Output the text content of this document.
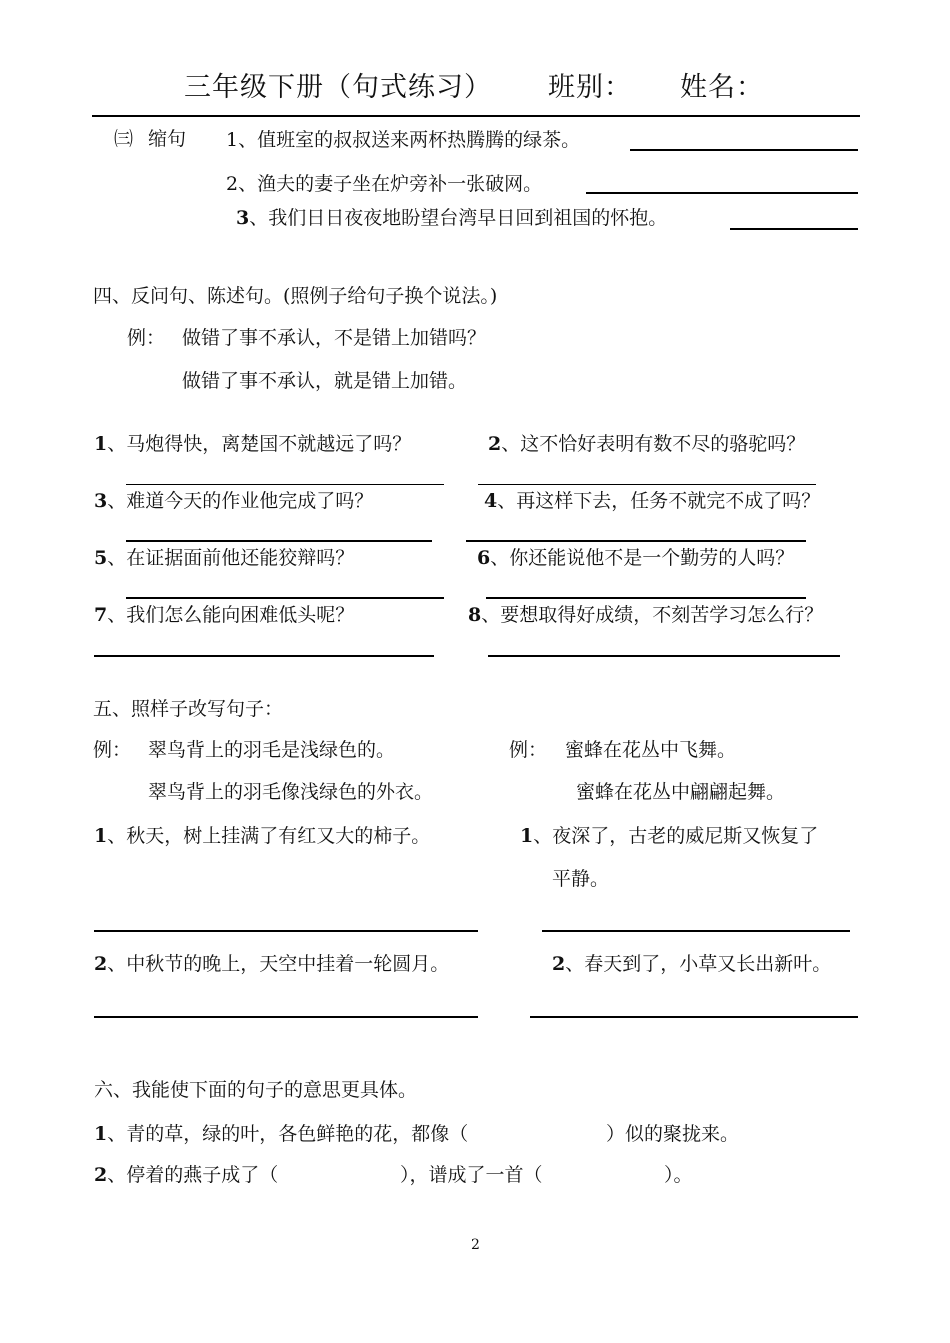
三年级下册（句式练习） 班别： 姓名：
㈢ 缩句 1、值班室的叔叔送来两杯热腾腾的绿茶。
2、渔夫的妻子坐在炉旁补一张破网。
3、我们日日夜夜地盼望台湾早日回到祖国的怀抱。
四、反问句、陈述句。(照例子给句子换个说法。)
例： 做错了事不承认，不是错上加错吗？
做错了事不承认，就是错上加错。
1、马炮得快，离楚国不就越远了吗？	2、这不恰好表明有数不尽的骆驼吗？
3、难道今天的作业他完成了吗？	4、再这样下去，任务不就完不成了吗？
5、在证据面前他还能狡辩吗？	6、你还能说他不是一个勤劳的人吗？
7、我们怎么能向困难低头呢？	8、要想取得好成绩，不刻苦学习怎么行？
五、照样子改写句子：
例： 翠鸟背上的羽毛是浅绿色的。	例： 蜜蜂在花丛中飞舞。
翠鸟背上的羽毛像浅绿色的外衣。	蜜蜂在花丛中翩翩起舞。
1、秋天，树上挂满了有红又大的柿子。	1、夜深了，古老的威尼斯又恢复了
平静。
2、中秋节的晚上，天空中挂着一轮圆月。	2、春天到了，小草又长出新叶。
六、我能使下面的句子的意思更具体。
1、青的草，绿的叶，各色鲜艳的花，都像（	）似的聚拢来。
2、停着的燕子成了（	），谱成了一首（	）。
2
